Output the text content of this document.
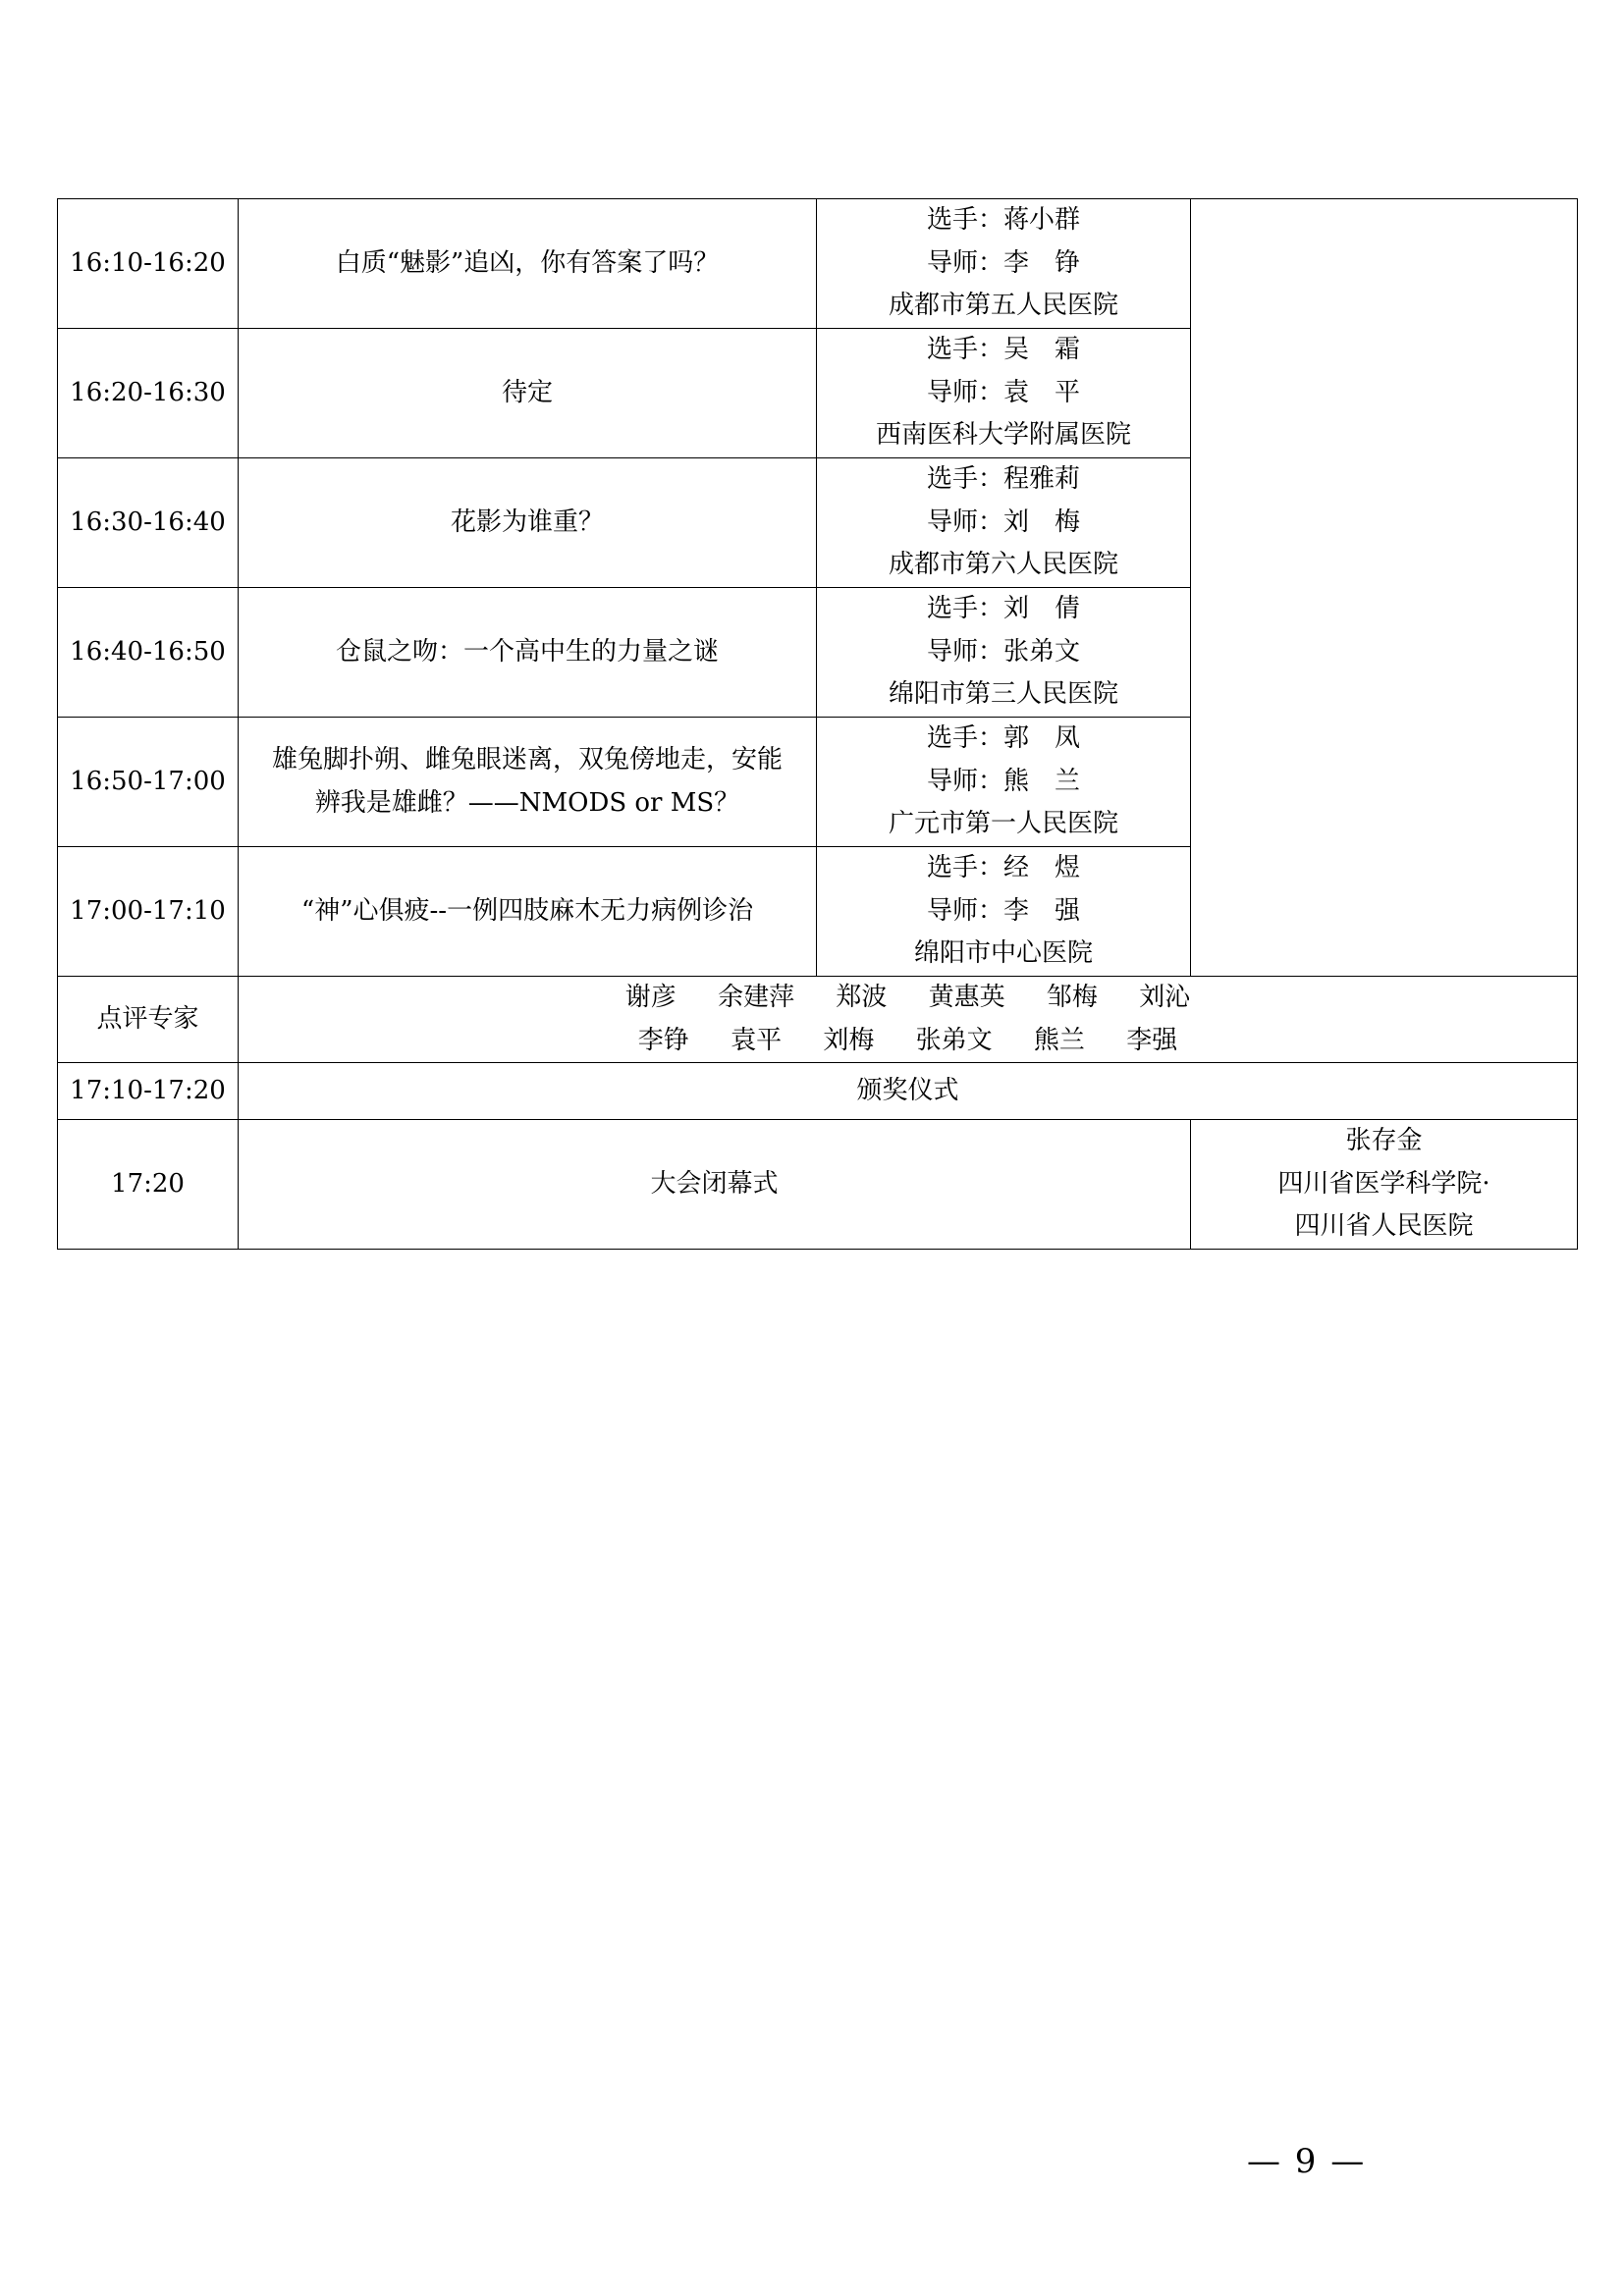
16:10-16:20	白质“魅影”追凶，你有答案了吗？	选手：蒋小群
导师：李　铮
成都市第五人民医院	

16:20-16:30	待定	选手：吴　霜
导师：袁　平
西南医科大学附属医院	

16:30-16:40	花影为谁重？	选手：程雅莉
导师：刘　梅
成都市第六人民医院	

16:40-16:50	仓鼠之吻：一个高中生的力量之谜	选手：刘　倩
导师：张弟文
绵阳市第三人民医院	

16:50-17:00	雄兔脚扑朔、雌兔眼迷离，双兔傍地走，安能
辨我是雄雌？——NMODS or MS？	选手：郭　凤
导师：熊　兰
广元市第一人民医院	

17:00-17:10	“神”心俱疲--一例四肢麻木无力病例诊治	选手：经　煜
导师：李　强
绵阳市中心医院	

点评专家	谢彦 余建萍 郑波 黄惠英 邹梅 刘沁
李铮 袁平 刘梅 张弟文 熊兰 李强		

17:10-17:20	颁奖仪式		
17:20	大会闭幕式		张存金
四川省医学科学院·
四川省人民医院
— 9 —
